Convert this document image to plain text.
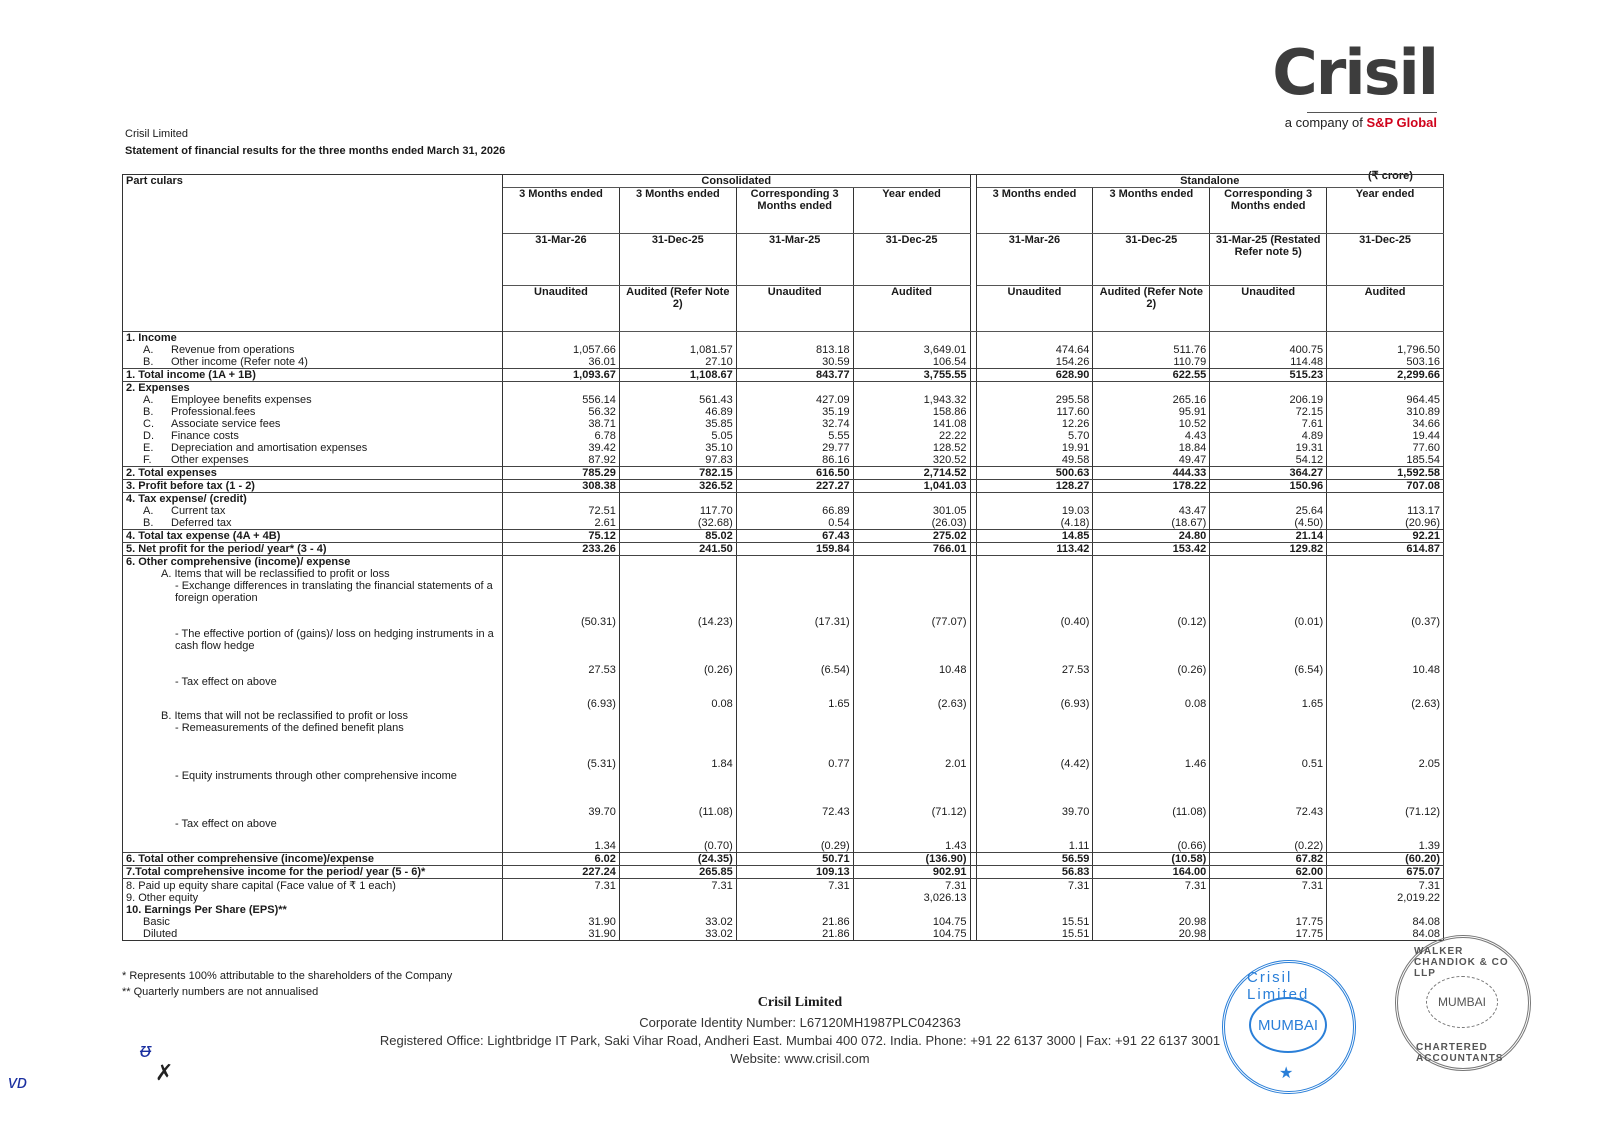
Crisil
a company of S&P Global
Crisil Limited
Statement of financial results for the three months ended March 31, 2026
(₹ crore)
Part culars	Consolidated					Standalone			
	3 Months ended	3 Months ended	Corresponding 3 Months ended	Year ended		3 Months ended	3 Months ended	Corresponding 3 Months ended	Year ended
	31-Mar-26	31-Dec-25	31-Mar-25	31-Dec-25		31-Mar-26	31-Dec-25	31-Mar-25 (Restated Refer note 5)	31-Dec-25
	Unaudited	Audited (Refer Note 2)	Unaudited	Audited		Unaudited	Audited (Refer Note 2)	Unaudited	Audited
1. Income									
A. Revenue from operations	1,057.66	1,081.57	813.18	3,649.01		474.64	511.76	400.75	1,796.50
B. Other income (Refer note 4)	36.01	27.10	30.59	106.54		154.26	110.79	114.48	503.16
1. Total income (1A + 1B)	1,093.67	1,108.67	843.77	3,755.55		628.90	622.55	515.23	2,299.66
2. Expenses									
A. Employee benefits expenses	556.14	561.43	427.09	1,943.32		295.58	265.16	206.19	964.45
B. Professional.fees	56.32	46.89	35.19	158.86		117.60	95.91	72.15	310.89
C. Associate service fees	38.71	35.85	32.74	141.08		12.26	10.52	7.61	34.66
D. Finance costs	6.78	5.05	5.55	22.22		5.70	4.43	4.89	19.44
E. Depreciation and amortisation expenses	39.42	35.10	29.77	128.52		19.91	18.84	19.31	77.60
F. Other expenses	87.92	97.83	86.16	320.52		49.58	49.47	54.12	185.54
2. Total expenses	785.29	782.15	616.50	2,714.52		500.63	444.33	364.27	1,592.58
3. Profit before tax (1 - 2)	308.38	326.52	227.27	1,041.03		128.27	178.22	150.96	707.08
4. Tax expense/ (credit)									
A. Current tax	72.51	117.70	66.89	301.05		19.03	43.47	25.64	113.17
B. Deferred tax	2.61	(32.68)	0.54	(26.03)		(4.18)	(18.67)	(4.50)	(20.96)
4. Total tax expense (4A + 4B)	75.12	85.02	67.43	275.02		14.85	24.80	21.14	92.21
5. Net profit for the period/ year* (3 - 4)	233.26	241.50	159.84	766.01		113.42	153.42	129.82	614.87
6. Other comprehensive (income)/ expense									
A. Items that will be reclassified to profit or loss									
- Exchange differences in translating the financial statements of a foreign operation	(50.31)	(14.23)	(17.31)	(77.07)		(0.40)	(0.12)	(0.01)	(0.37)
- The effective portion of (gains)/ loss on hedging instruments in a cash flow hedge	27.53	(0.26)	(6.54)	10.48		27.53	(0.26)	(6.54)	10.48
- Tax effect on above	(6.93)	0.08	1.65	(2.63)		(6.93)	0.08	1.65	(2.63)
B. Items that will not be reclassified to profit or loss									
- Remeasurements of the defined benefit plans	(5.31)	1.84	0.77	2.01		(4.42)	1.46	0.51	2.05
- Equity instruments through other comprehensive income	39.70	(11.08)	72.43	(71.12)		39.70	(11.08)	72.43	(71.12)
- Tax effect on above	1.34	(0.70)	(0.29)	1.43		1.11	(0.66)	(0.22)	1.39
6. Total other comprehensive (income)/expense	6.02	(24.35)	50.71	(136.90)		56.59	(10.58)	67.82	(60.20)
7.Total comprehensive income for the period/ year (5 - 6)*	227.24	265.85	109.13	902.91		56.83	164.00	62.00	675.07
8. Paid up equity share capital (Face value of ₹ 1 each)	7.31	7.31	7.31	7.31		7.31	7.31	7.31	7.31
9. Other equity				3,026.13					2,019.22
10. Earnings Per Share (EPS)**									
Basic	31.90	33.02	21.86	104.75		15.51	20.98	17.75	84.08
Diluted	31.90	33.02	21.86	104.75		15.51	20.98	17.75	84.08
* Represents 100% attributable to the shareholders of the Company
** Quarterly numbers are not annualised
Crisil Limited
Corporate Identity Number: L67120MH1987PLC042363
Registered Office: Lightbridge IT Park, Saki Vihar Road, Andheri East. Mumbai 400 072. India. Phone: +91 22 6137 3000 | Fax: +91 22 6137 3001
Website: www.crisil.com
Crisil Limited
MUMBAI
★
WALKER CHANDIOK & CO LLP
MUMBAI
CHARTERED ACCOUNTANTS
ᵿ
✗
ᴠᴅ
